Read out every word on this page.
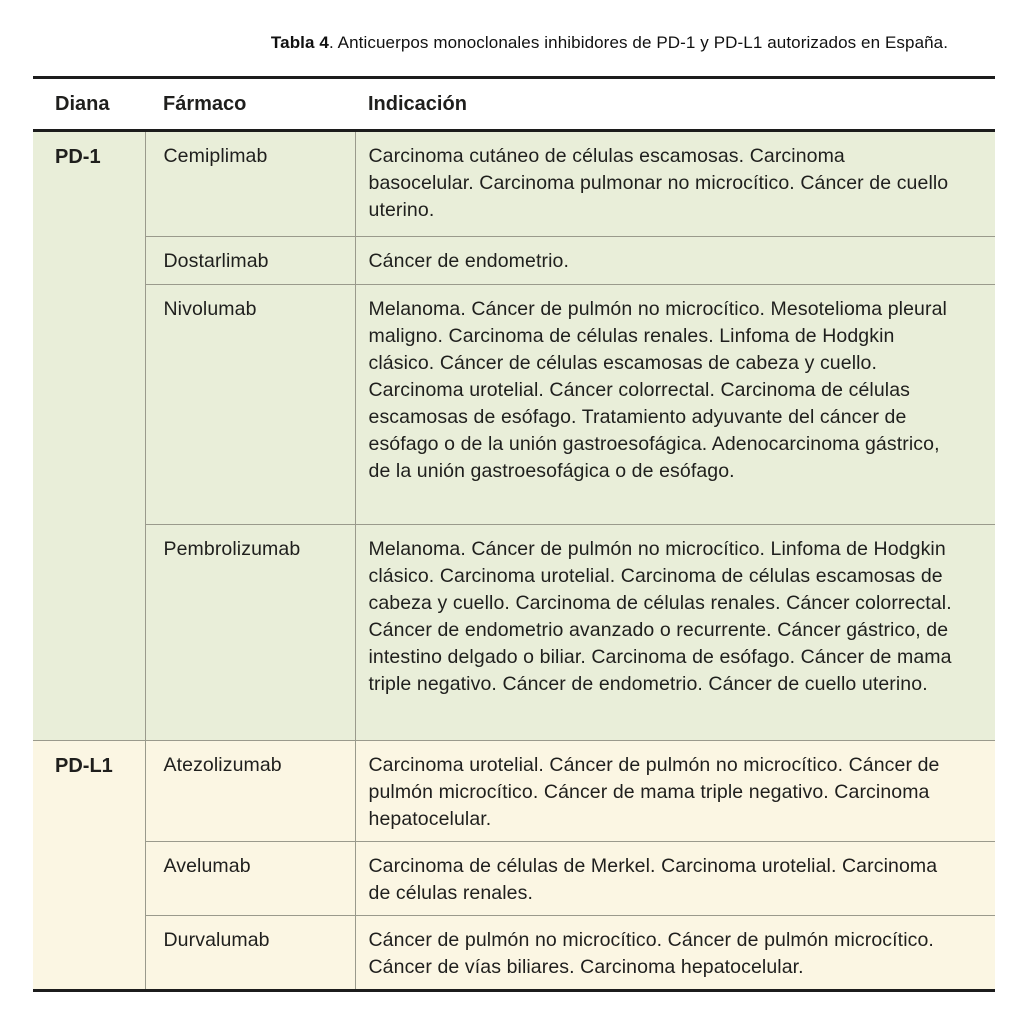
Tabla 4. Anticuerpos monoclonales inhibidores de PD-1 y PD-L1 autorizados en España.
Diana	Fármaco	Indicación
PD-1	Cemiplimab	Carcinoma cutáneo de células escamosas. Carcinoma basocelular. Carcinoma pulmonar no microcítico. Cáncer de cuello uterino.
	Dostarlimab	Cáncer de endometrio.
	Nivolumab	Melanoma. Cáncer de pulmón no microcítico. Mesotelioma pleural maligno. Carcinoma de células renales. Linfoma de Hodgkin clásico. Cáncer de células escamosas de cabeza y cuello. Carcinoma urotelial. Cáncer colorrectal. Carcinoma de células escamosas de esófago. Tratamiento adyuvante del cáncer de esófago o de la unión gastroesofágica. Adenocarcinoma gástrico, de la unión gastroesofágica o de esófago.
	Pembrolizumab	Melanoma. Cáncer de pulmón no microcítico. Linfoma de Hodgkin clásico. Carcinoma urotelial. Carcinoma de células escamosas de cabeza y cuello. Carcinoma de células renales. Cáncer colorrectal. Cáncer de endometrio avanzado o recurrente. Cáncer gástrico, de intestino delgado o biliar. Carcinoma de esófago. Cáncer de mama triple negativo. Cáncer de endometrio. Cáncer de cuello uterino.
PD-L1	Atezolizumab	Carcinoma urotelial. Cáncer de pulmón no microcítico. Cáncer de pulmón microcítico. Cáncer de mama triple negativo. Carcinoma hepatocelular.
	Avelumab	Carcinoma de células de Merkel. Carcinoma urotelial. Carcinoma de células renales.
	Durvalumab	Cáncer de pulmón no microcítico. Cáncer de pulmón microcítico. Cáncer de vías biliares. Carcinoma hepatocelular.
